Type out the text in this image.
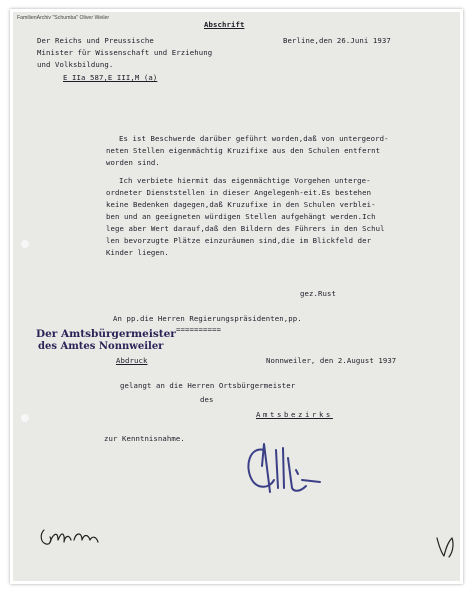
FamilienArchiv "Schumba" Oliver Weiler
Abschrift
Der Reichs und Preussische
Minister für Wissenschaft und Erziehung
und Volksbildung.
E IIa 587,E III,M (a)
Berline,den 26.Juni 1937
Es ist Beschwerde darüber geführt worden,daß von untergeord-
neten Stellen eigenmächtig Kruzifixe aus den Schulen entfernt
worden sind.
Ich verbiete hiermit das eigenmächtige Vorgehen unterge-
ordneter Dienststellen in dieser Angelegenh-eit.Es bestehen
keine Bedenken dagegen,daß Kruzufixe in den Schulen verblei-
ben und an geeigneten würdigen Stellen aufgehängt werden.Ich
lege aber Wert darauf,daß den Bildern des Führers in den Schul
len bevorzugte Plätze einzuräumen sind,die im Blickfeld der
Kinder liegen.
gez.Rust
An pp.die Herren Regierungspräsidenten,pp.
==========
Der Amtsbürgermeister
des Amtes Nonnweiler
Abdruck	Nonnweiler, den 2.August 1937
gelangt an die Herren Ortsbürgermeister
des
Amtsbezirks
zur Kenntnisnahme.
